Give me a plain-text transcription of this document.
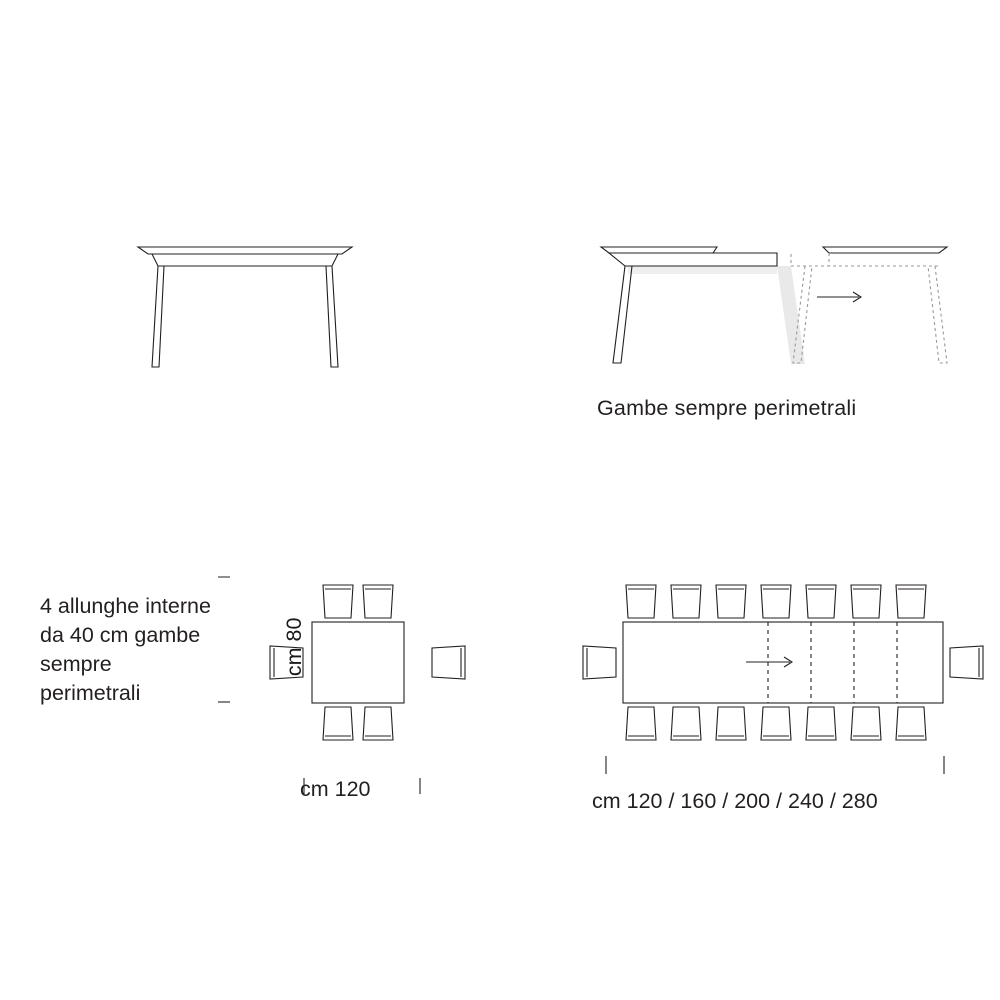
Gambe sempre perimetrali
4 allunghe interne da 40 cm gambe sempre perimetrali

cm 80

cm 120	cm 120 / 160 / 200 / 240 / 280
